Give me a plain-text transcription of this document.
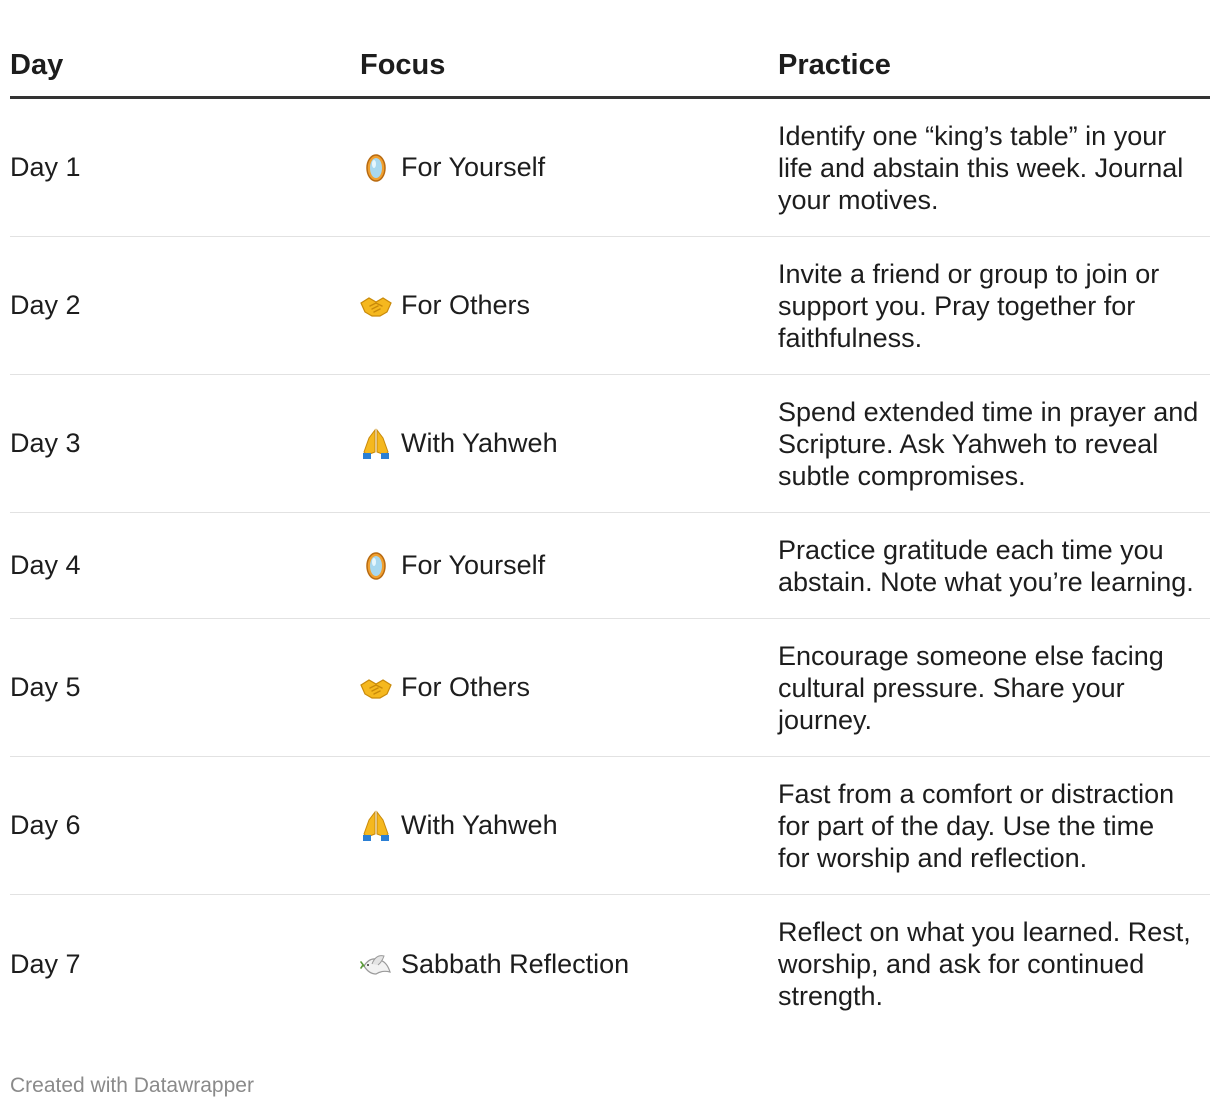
Day	Focus	Practice
Day 1	For Yourself
Identify one “king’s table” in your
life and abstain this week. Journal
your motives.
Day 2	For Others
Invite a friend or group to join or
support you. Pray together for
faithfulness.
Day 3	With Yahweh
Spend extended time in prayer and
Scripture. Ask Yahweh to reveal
subtle compromises.
Day 4	For Yourself
Practice gratitude each time you
abstain. Note what you’re learning.
Day 5	For Others
Encourage someone else facing
cultural pressure. Share your
journey.
Day 6	With Yahweh
Fast from a comfort or distraction
for part of the day. Use the time
for worship and reflection.
Day 7	Sabbath Reflection
Reflect on what you learned. Rest,
worship, and ask for continued
strength.
Created with Datawrapper
